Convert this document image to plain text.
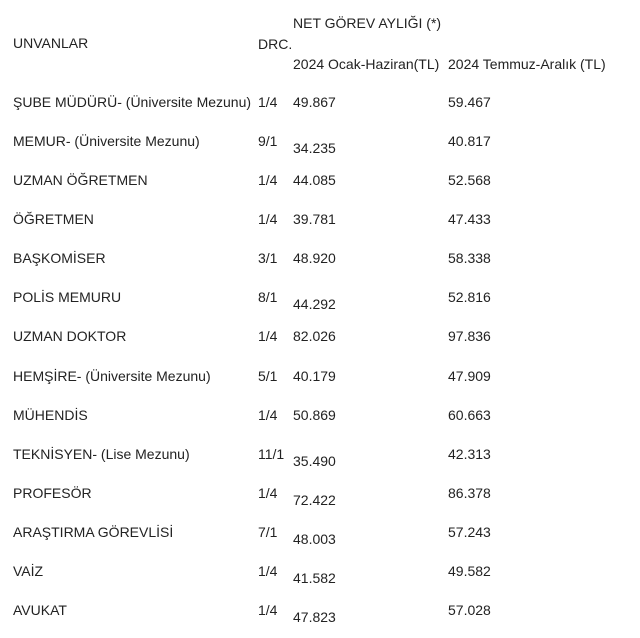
UNVANLAR	DRC.
NET GÖREV AYLIĞI (*)
2024 Ocak-Haziran(TL) 2024 Temmuz-Aralık (TL)
ŞUBE MÜDÜRÜ- (Üniversite Mezunu) 1/4 49.867	59.467
MEMUR- (Üniversite Mezunu)	9/1 34.235	40.817
UZMAN ÖĞRETMEN	1/4 44.085	52.568
ÖĞRETMEN	1/4 39.781	47.433
BAŞKOMİSER	3/1 48.920	58.338
POLİS MEMURU	8/1 44.292	52.816
UZMAN DOKTOR	1/4 82.026	97.836
HEMŞİRE- (Üniversite Mezunu)	5/1 40.179	47.909
MÜHENDİS	1/4 50.869	60.663
TEKNİSYEN- (Lise Mezunu)	11/1 35.490	42.313
PROFESÖR	1/4 72.422	86.378
ARAŞTIRMA GÖREVLİSİ	7/1 48.003	57.243
VAİZ	1/4 41.582	49.582
AVUKAT	1/4 47.823	57.028
